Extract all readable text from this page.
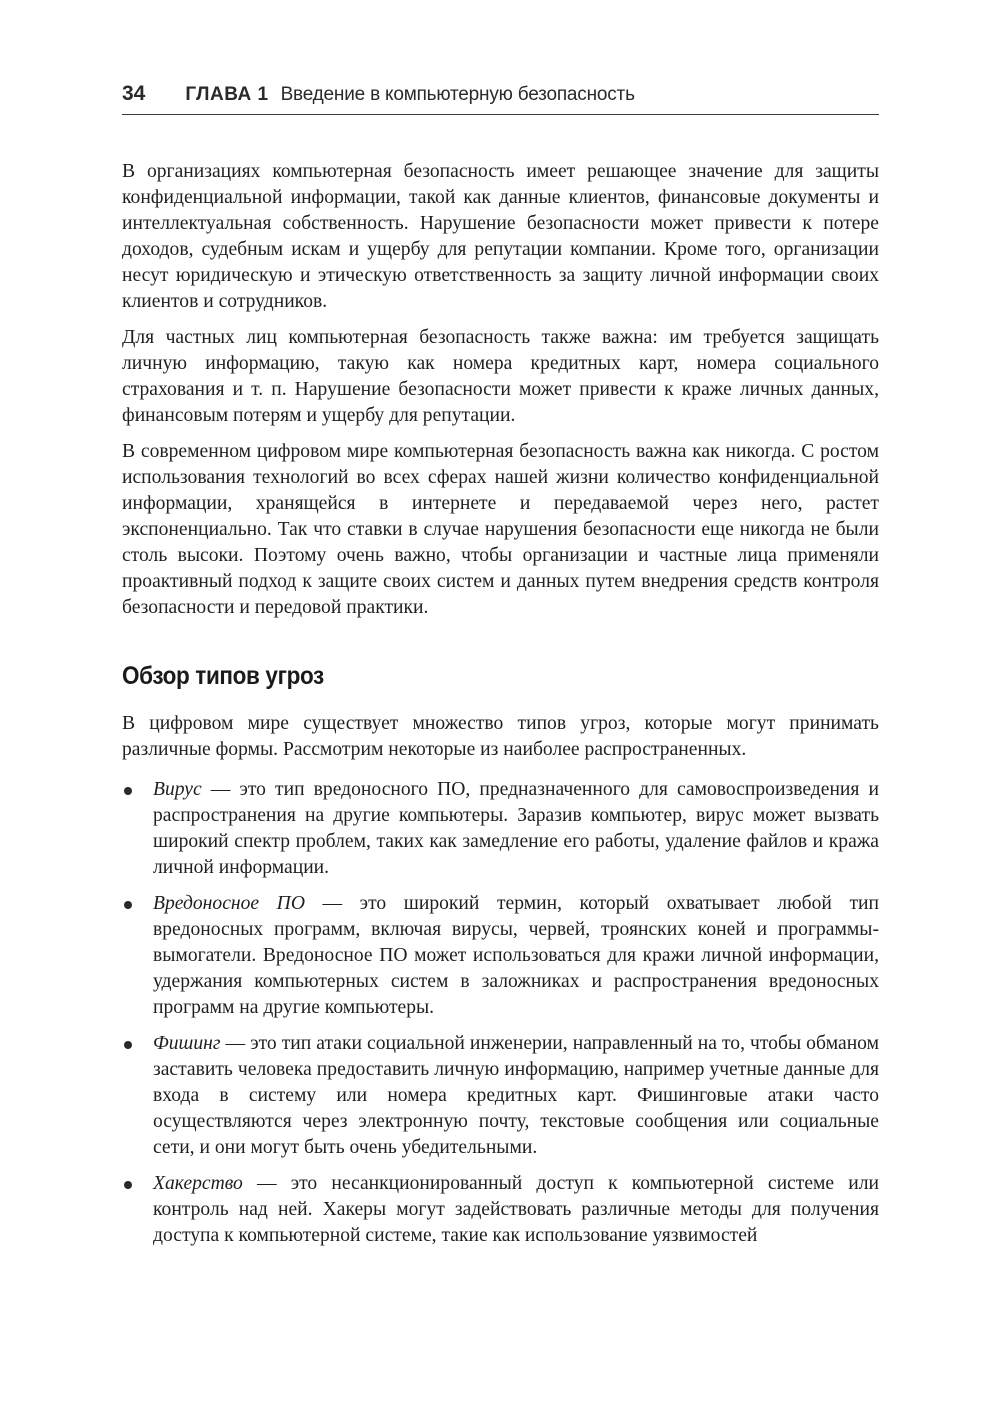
34 ГЛАВА 1 Введение в компьютерную безопасность

В организациях компьютерная безопасность имеет решающее значение для защиты конфиденциальной информации, такой как данные клиентов, финансовые документы и интеллектуальная собственность. Нарушение безопасности может привести к потере доходов, судебным искам и ущербу для репутации компании. Кроме того, организации несут юридическую и этическую ответственность за защиту личной информации своих клиентов и сотрудников.

Для частных лиц компьютерная безопасность также важна: им требуется защищать личную информацию, такую как номера кредитных карт, номера социального страхования и т. п. Нарушение безопасности может привести к краже личных данных, финансовым потерям и ущербу для репутации.

В современном цифровом мире компьютерная безопасность важна как никогда. С ростом использования технологий во всех сферах нашей жизни количество конфиденциальной информации, хранящейся в интернете и передаваемой через него, растет экспоненциально. Так что ставки в случае нарушения безопасности еще никогда не были столь высоки. Поэтому очень важно, чтобы организации и частные лица применяли проактивный подход к защите своих систем и данных путем внедрения средств контроля безопасности и передовой практики.

Обзор типов угроз

В цифровом мире существует множество типов угроз, которые могут принимать различные формы. Рассмотрим некоторые из наиболее распространенных.

Вирус — это тип вредоносного ПО, предназначенного для самовоспроизведения и распространения на другие компьютеры. Заразив компьютер, вирус может вызвать широкий спектр проблем, таких как замедление его работы, удаление файлов и кража личной информации.
Вредоносное ПО — это широкий термин, который охватывает любой тип вредоносных программ, включая вирусы, червей, троянских коней и программы-вымогатели. Вредоносное ПО может использоваться для кражи личной информации, удержания компьютерных систем в заложниках и распространения вредоносных программ на другие компьютеры.
Фишинг — это тип атаки социальной инженерии, направленный на то, чтобы обманом заставить человека предоставить личную информацию, например учетные данные для входа в систему или номера кредитных карт. Фишинговые атаки часто осуществляются через электронную почту, текстовые сообщения или социальные сети, и они могут быть очень убедительными.
Хакерство — это несанкционированный доступ к компьютерной системе или контроль над ней. Хакеры могут задействовать различные методы для получения доступа к компьютерной системе, такие как использование уязвимостей
